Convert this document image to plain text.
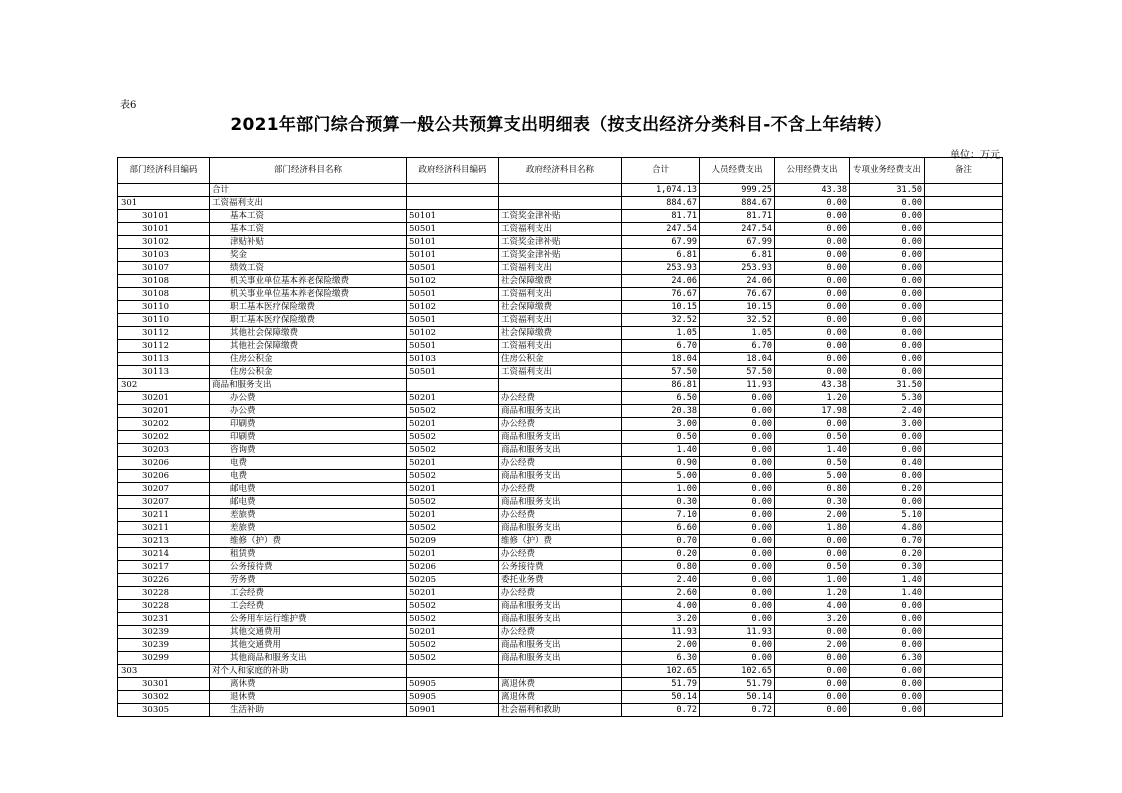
表6
2021年部门综合预算一般公共预算支出明细表（按支出经济分类科目-不含上年结转）
单位：万元
部门经济科目编码	部门经济科目名称	政府经济科目编码	政府经济科目名称	合计	人员经费支出	公用经费支出	专项业务经费支出	备注
	合计			1,074.13	999.25	43.38	31.50	
301	工资福利支出			884.67	884.67	0.00	0.00	
30101	基本工资	50101	工资奖金津补贴	81.71	81.71	0.00	0.00	
30101	基本工资	50501	工资福利支出	247.54	247.54	0.00	0.00	
30102	津贴补贴	50101	工资奖金津补贴	67.99	67.99	0.00	0.00	
30103	奖金	50101	工资奖金津补贴	6.81	6.81	0.00	0.00	
30107	绩效工资	50501	工资福利支出	253.93	253.93	0.00	0.00	
30108	机关事业单位基本养老保险缴费	50102	社会保障缴费	24.06	24.06	0.00	0.00	
30108	机关事业单位基本养老保险缴费	50501	工资福利支出	76.67	76.67	0.00	0.00	
30110	职工基本医疗保险缴费	50102	社会保障缴费	10.15	10.15	0.00	0.00	
30110	职工基本医疗保险缴费	50501	工资福利支出	32.52	32.52	0.00	0.00	
30112	其他社会保障缴费	50102	社会保障缴费	1.05	1.05	0.00	0.00	
30112	其他社会保障缴费	50501	工资福利支出	6.70	6.70	0.00	0.00	
30113	住房公积金	50103	住房公积金	18.04	18.04	0.00	0.00	
30113	住房公积金	50501	工资福利支出	57.50	57.50	0.00	0.00	
302	商品和服务支出			86.81	11.93	43.38	31.50	
30201	办公费	50201	办公经费	6.50	0.00	1.20	5.30	
30201	办公费	50502	商品和服务支出	20.38	0.00	17.98	2.40	
30202	印刷费	50201	办公经费	3.00	0.00	0.00	3.00	
30202	印刷费	50502	商品和服务支出	0.50	0.00	0.50	0.00	
30203	咨询费	50502	商品和服务支出	1.40	0.00	1.40	0.00	
30206	电费	50201	办公经费	0.90	0.00	0.50	0.40	
30206	电费	50502	商品和服务支出	5.00	0.00	5.00	0.00	
30207	邮电费	50201	办公经费	1.00	0.00	0.80	0.20	
30207	邮电费	50502	商品和服务支出	0.30	0.00	0.30	0.00	
30211	差旅费	50201	办公经费	7.10	0.00	2.00	5.10	
30211	差旅费	50502	商品和服务支出	6.60	0.00	1.80	4.80	
30213	维修（护）费	50209	维修（护）费	0.70	0.00	0.00	0.70	
30214	租赁费	50201	办公经费	0.20	0.00	0.00	0.20	
30217	公务接待费	50206	公务接待费	0.80	0.00	0.50	0.30	
30226	劳务费	50205	委托业务费	2.40	0.00	1.00	1.40	
30228	工会经费	50201	办公经费	2.60	0.00	1.20	1.40	
30228	工会经费	50502	商品和服务支出	4.00	0.00	4.00	0.00	
30231	公务用车运行维护费	50502	商品和服务支出	3.20	0.00	3.20	0.00	
30239	其他交通费用	50201	办公经费	11.93	11.93	0.00	0.00	
30239	其他交通费用	50502	商品和服务支出	2.00	0.00	2.00	0.00	
30299	其他商品和服务支出	50502	商品和服务支出	6.30	0.00	0.00	6.30	
303	对个人和家庭的补助			102.65	102.65	0.00	0.00	
30301	离休费	50905	离退休费	51.79	51.79	0.00	0.00	
30302	退休费	50905	离退休费	50.14	50.14	0.00	0.00	
30305	生活补助	50901	社会福利和救助	0.72	0.72	0.00	0.00	
